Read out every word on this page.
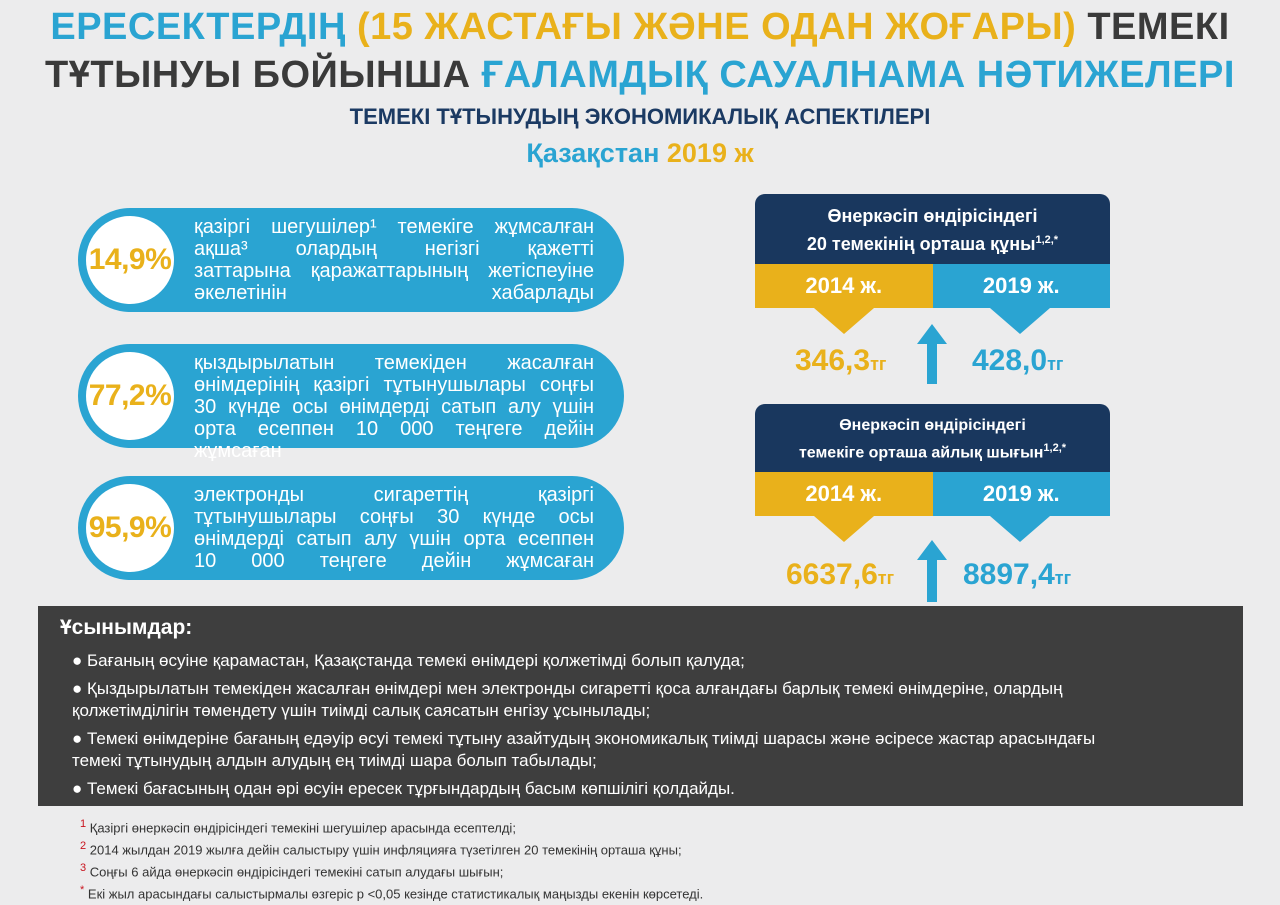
ЕРЕСЕКТЕРДІҢ (15 ЖАСТАҒЫ ЖӘНЕ ОДАН ЖОҒАРЫ) ТЕМЕКІ
ТҰТЫНУЫ БОЙЫНША ҒАЛАМДЫҚ САУАЛНАМА НӘТИЖЕЛЕРІ
ТЕМЕКІ ТҰТЫНУДЫҢ ЭКОНОМИКАЛЫҚ АСПЕКТІЛЕРІ
Қазақстан 2019 ж
14,9%
қазіргі шегушілер¹ темекіге жұмсалған
ақша³ олардың негізгі қажетті
заттарына қаражаттарының жетіспеуіне
әкелетінін хабарлады
77,2%
қыздырылатын темекіден жасалған
өнімдерінің қазіргі тұтынушылары соңғы
30 күнде осы өнімдерді сатып алу үшін
орта есеппен 10 000 теңгеге дейін жұмсаған
95,9%
электронды сигареттің қазіргі
тұтынушылары соңғы 30 күнде осы
өнімдерді сатып алу үшін орта есеппен
10 000 теңгеге дейін жұмсаған
Өнеркәсіп өндірісіндегі
20 темекінің орташа құны$^{1,2,*}$
2014 ж.	2019 ж.
346,3тг	428,0тг
Өнеркәсіп өндірісіндегі
темекіге орташа айлық шығын$^{1,2,*}$
2014 ж.	2019 ж.
6637,6тг 8897,4тг
Ұсынымдар:
● Бағаның өсуіне қарамастан, Қазақстанда темекі өнімдері қолжетімді болып қалуда;
● Қыздырылатын темекіден жасалған өнімдері мен электронды сигаретті қоса алғандағы барлық темекі өнімдеріне, олардың
қолжетімділігін төмендету үшін тиімді салық саясатын енгізу ұсынылады;
● Темекі өнімдеріне бағаның едәуір өсуі темекі тұтыну азайтудың экономикалық тиімді шарасы және әсіресе жастар арасындағы
темекі тұтынудың алдын алудың ең тиімді шара болып табылады;
● Темекі бағасының одан әрі өсуін ересек тұрғындардың басым көпшілігі қолдайды.
$^1$ Қазіргі өнеркәсіп өндірісіндегі темекіні шегушілер арасында есептелді;
$^2$ 2014 жылдан 2019 жылға дейін салыстыру үшін инфляцияға түзетілген 20 темекінің орташа құны;
$^3$ Соңғы 6 айда өнеркәсіп өндірісіндегі темекіні сатып алудағы шығын;
* Екі жыл арасындағы салыстырмалы өзгеріс p <0,05 кезінде статистикалық маңызды екенін көрсетеді.
